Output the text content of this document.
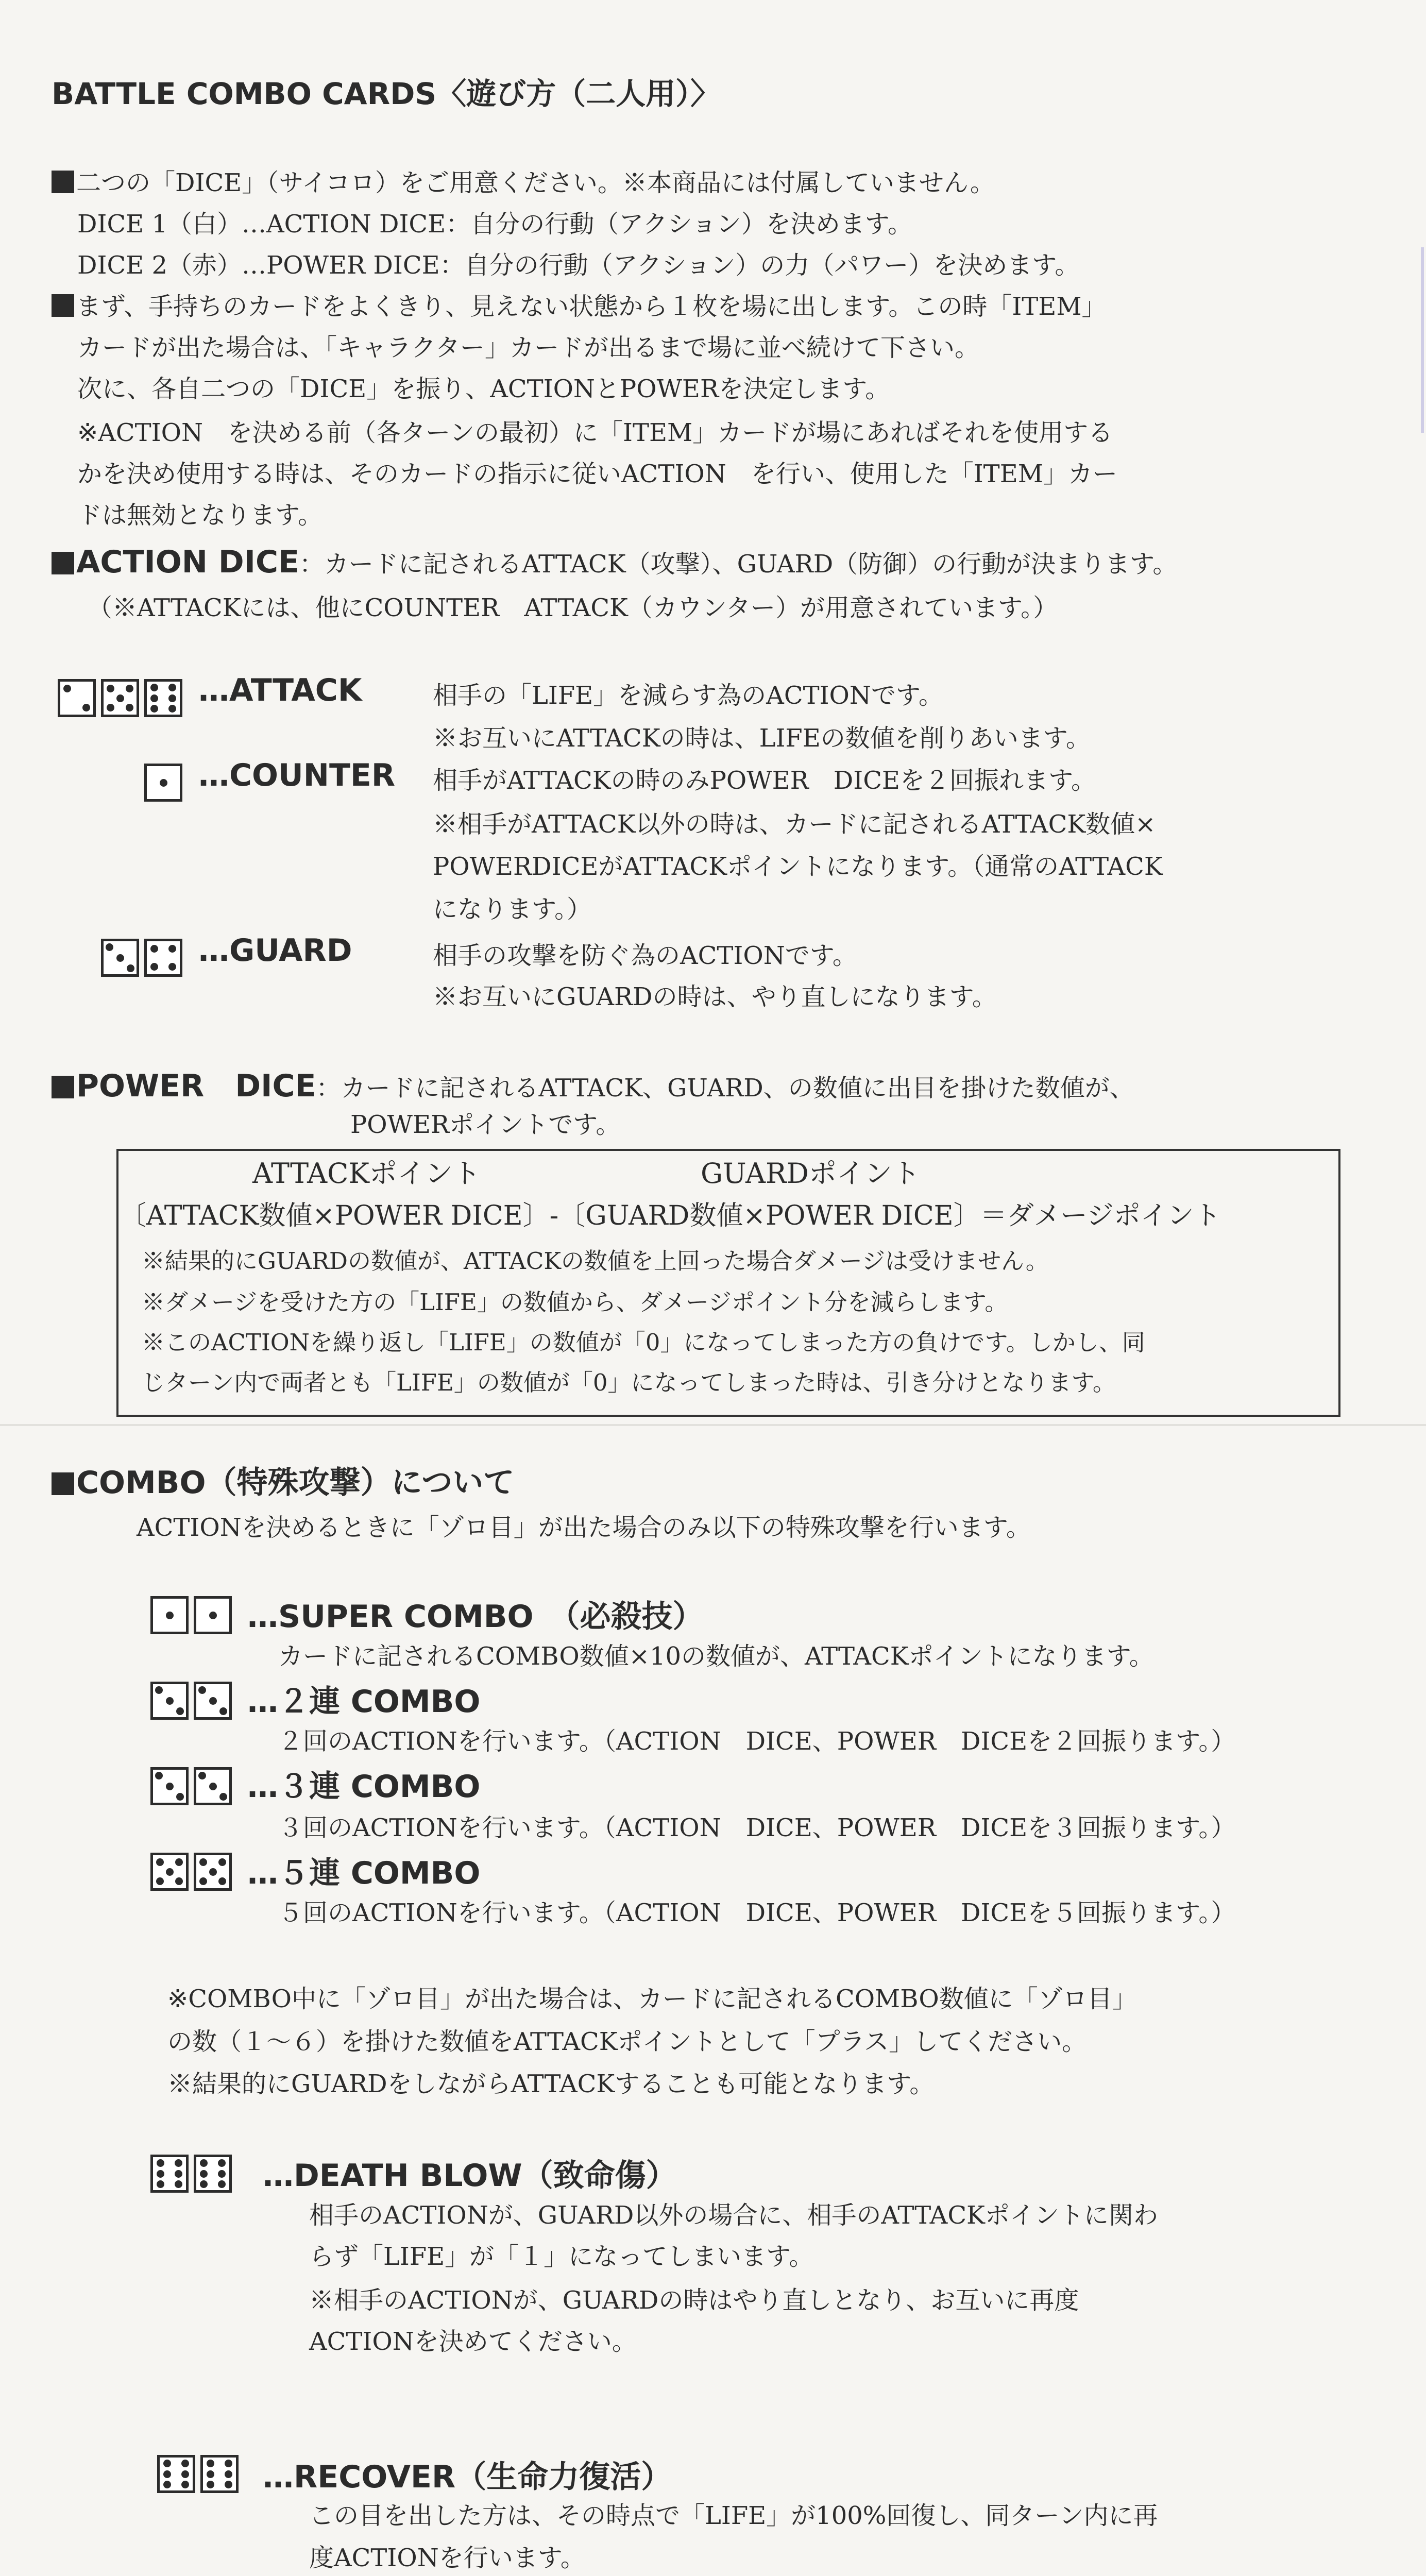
BATTLE COMBO CARDS〈遊び方（二人用）〉
二つの「DICE」（サイコロ）をご用意ください。※本商品には付属していません。
DICE 1（白）…ACTION DICE：自分の行動（アクション）を決めます。
DICE 2（赤）…POWER DICE：自分の行動（アクション）の力（パワー）を決めます。
まず、手持ちのカードをよくきり、見えない状態から１枚を場に出します。この時「ITEM」
カードが出た場合は、「キャラクター」カードが出るまで場に並べ続けて下さい。
次に、各自二つの「DICE」を振り、ACTIONとPOWERを決定します。
※ACTION　を決める前（各ターンの最初）に「ITEM」カードが場にあればそれを使用する
かを決め使用する時は、そのカードの指示に従いACTION　を行い、使用した「ITEM」カー
ドは無効となります。
ACTION DICE：カードに記されるATTACK（攻撃）、GUARD（防御）の行動が決まります。
（※ATTACKには、他にCOUNTER　ATTACK（カウンター）が用意されています。）
…ATTACK	相手の「LIFE」を減らす為のACTIONです。
※お互いにATTACKの時は、LIFEの数値を削りあいます。
…COUNTER 相手がATTACKの時のみPOWER　DICEを２回振れます。
※相手がATTACK以外の時は、カードに記されるATTACK数値×
POWERDICEがATTACKポイントになります。（通常のATTACK
になります。）
…GUARD	相手の攻撃を防ぐ為のACTIONです。
※お互いにGUARDの時は、やり直しになります。
POWER　DICE：カードに記されるATTACK、GUARD、の数値に出目を掛けた数値が、
POWERポイントです。
ATTACKポイント	GUARDポイント
〔ATTACK数値×POWER DICE〕-〔GUARD数値×POWER DICE〕＝ダメージポイント
※結果的にGUARDの数値が、ATTACKの数値を上回った場合ダメージは受けません。
※ダメージを受けた方の「LIFE」の数値から、ダメージポイント分を減らします。
※このACTIONを繰り返し「LIFE」の数値が「0」になってしまった方の負けです。しかし、同
じターン内で両者とも「LIFE」の数値が「0」になってしまった時は、引き分けとなります。
COMBO（特殊攻撃）について
ACTIONを決めるときに「ゾロ目」が出た場合のみ以下の特殊攻撃を行います。
…SUPER COMBO　（必殺技）
カードに記されるCOMBO数値×10の数値が、ATTACKポイントになります。
…２連 COMBO
２回のACTIONを行います。（ACTION　DICE、POWER　DICEを２回振ります。）
…３連 COMBO
３回のACTIONを行います。（ACTION　DICE、POWER　DICEを３回振ります。）
…５連 COMBO
５回のACTIONを行います。（ACTION　DICE、POWER　DICEを５回振ります。）
※COMBO中に「ゾロ目」が出た場合は、カードに記されるCOMBO数値に「ゾロ目」
の数（１～６）を掛けた数値をATTACKポイントとして「プラス」してください。
※結果的にGUARDをしながらATTACKすることも可能となります。
…DEATH BLOW（致命傷）
相手のACTIONが、GUARD以外の場合に、相手のATTACKポイントに関わ
らず「LIFE」が「１」になってしまいます。
※相手のACTIONが、GUARDの時はやり直しとなり、お互いに再度
ACTIONを決めてください。
…RECOVER（生命力復活）
この目を出した方は、その時点で「LIFE」が100%回復し、同ターン内に再
度ACTIONを行います。
